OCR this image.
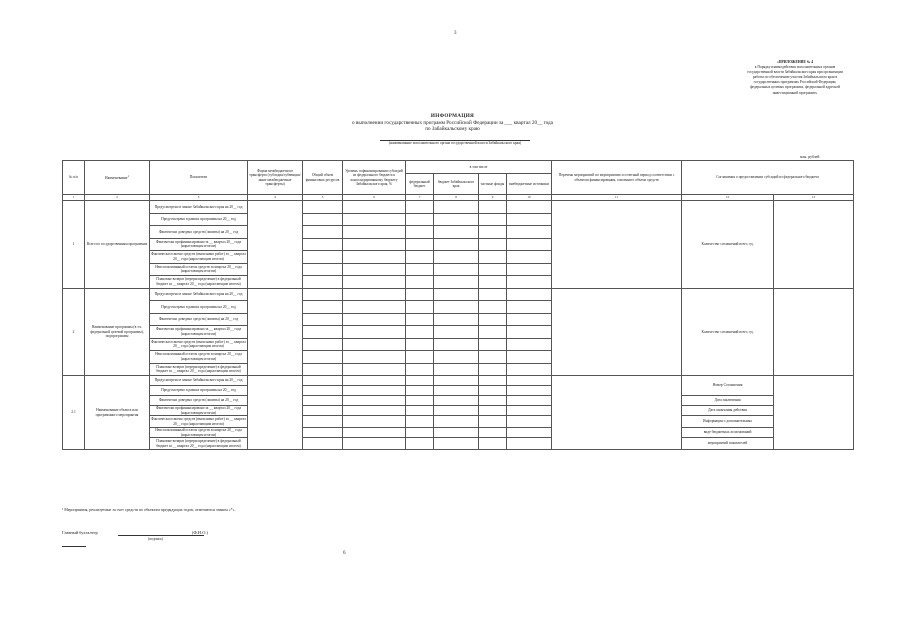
3
«ПРИЛОЖЕНИЕ № 4
к Порядку взаимодействия исполнительных органов
государственной власти Забайкальского края при организации
работы по обеспечению участия Забайкальского края в
государственных программах Российской Федерации,
федеральных целевых программах, федеральной адресной
инвестиционной программе»
ИНФОРМАЦИЯ
о выполнении государственных программ Российской Федерации за ___ квартал 20__ года
по Забайкальскому краю
(наименование исполнительного органа государственной власти Забайкальского края)
млн. рублей
№ п/п	Наименование$^1$	Показатели	Форма межбюджетного трансферта (субсидия/субвенция/иные межбюджетные трансферты)	Общий объем финансовых ресурсов	Уровень софинансирования субсидий из федерального бюджета к консолидированному бюджету Забайкальского края, %	в том числе				Перечень мероприятий по мероприятию и отчетный период соответствии с объектом финансирования, освоенного объема средств	Соглашения о предоставлении субсидий из федерального бюджета	
						федеральный бюджет	бюджет Забайкальского края	частные фонды	внебюджетные источники			
1	2	3	4	5	6	7	8	9	10	11	12	13
1	Всего по государственным программам	Предусмотрено в законе Забайкальского края на 20__ год									Количество соглашений всего, ед.	
		Предусмотрено в рамках программы на 20__ год										
		Фактически доведено средств (лимиты) на 20__ год										
		Фактически профинансировано за __ квартал 20__ года (нарастающим итогом)										
		Фактически освоено средств (выполнено работ) за __ квартал 20__ года (нарастающим итогом)										
		Неиспользованный остаток средств за квартал 20__ года (нарастающим итогом)										
		Плановые возврат (перераспределение) в федеральный бюджет за __ квартал 20__ года (нарастающим итогом)										
2	Наименование программы (в т.ч. федеральной целевой программы), подпрограммы	Предусмотрено в законе Забайкальского края на 20__ год									Количество соглашений всего, ед.	
		Предусмотрено в рамках программы на 20__ год										
		Фактически доведено средств (лимиты) на 20__ год										
		Фактически профинансировано за __ квартал 20__ года (нарастающим итогом)										
		Фактически освоено средств (выполнено работ) за __ квартал 20__ года (нарастающим итогом)										
		Неиспользованный остаток средств за квартал 20__ года (нарастающим итогом)										
		Плановые возврат (перераспределение) в федеральный бюджет за __ квартал 20__ года (нарастающим итогом)										
2.1	Наименование объекта или программного мероприятия	Предусмотрено в законе Забайкальского края на 20__ год									Номер Соглашения	
		Предусмотрено в рамках программы на 20__ год										
		Фактически доведено средств (лимиты) на 20__ год									Дата заключения	
		Фактически профинансировано за __ квартал 20__ года (нарастающим итогом)									Дата окончания действия	
		Фактически освоено средств (выполнено работ) за __ квартал 20__ года (нарастающим итогом)									Информация о дополнительных	
		Неиспользованный остаток средств за квартал 20__ года (нарастающим итогом)									виде бюджетных ассигнований	
		Плановые возврат (перераспределение) в федеральный бюджет за __ квартал 20__ года (нарастающим итогом)									мероприятий показателей	
¹ Мероприятия, реализуемые за счет средств по объектам предыдущих годов, отмечаются знаком «*».
Главный бухгалтер	(Ф.И.О.)
(подпись)
6
